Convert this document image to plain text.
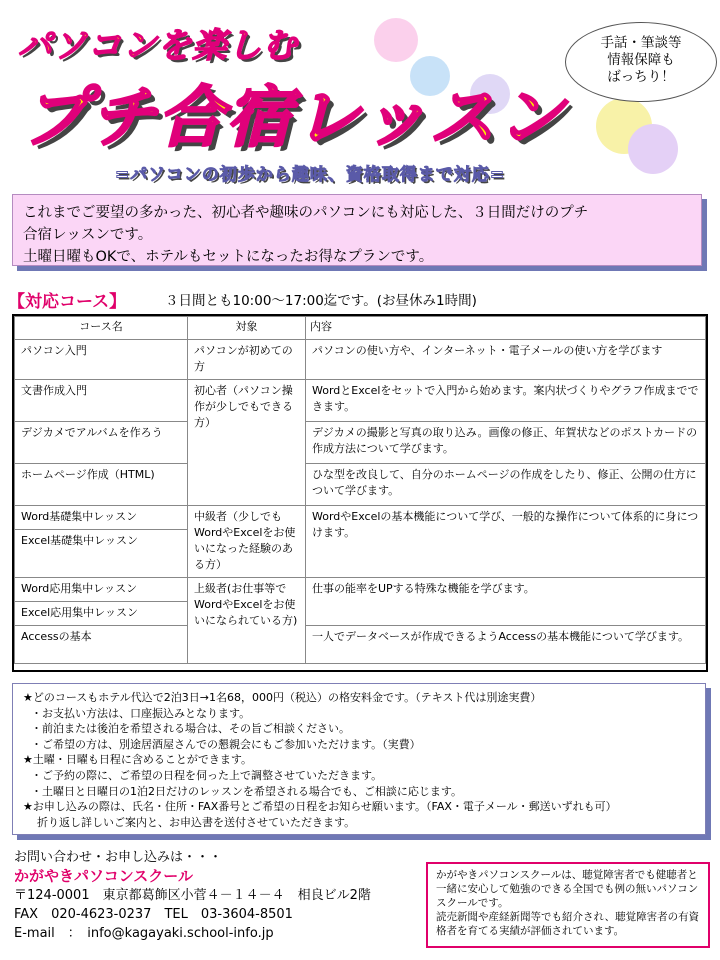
パソコンを楽しむ
プチ合宿レッスン
=パソコンの初歩から趣味、資格取得まで対応=
手話・筆談等
情報保障も
ばっちり！
これまでご要望の多かった、初心者や趣味のパソコンにも対応した、３日間だけのプチ
合宿レッスンです。
土曜日曜もOKで、ホテルもセットになったお得なプランです。
【対応コース】	３日間とも10:00～17:00迄です。(お昼休み1時間)
コース名	対象	内容
パソコン入門	パソコンが初めての方	パソコンの使い方や、インターネット・電子メールの使い方を学びます
文書作成入門	初心者（パソコン操作が少しでもできる方）	WordとExcelをセットで入門から始めます。案内状づくりやグラフ作成までできます。
デジカメでアルバムを作ろう		デジカメの撮影と写真の取り込み。画像の修正、年賀状などのポストカードの作成方法について学びます。
ホームページ作成（HTML)		ひな型を改良して、自分のホームページの作成をしたり、修正、公開の仕方について学びます。
Word基礎集中レッスン	中級者（少しでもWordやExcelをお使いになった経験のある方）	WordやExcelの基本機能について学び、一般的な操作について体系的に身につけます。
Excel基礎集中レッスン		
Word応用集中レッスン	上級者(お仕事等でWordやExcelをお使いになられている方)	仕事の能率をUPする特殊な機能を学びます。
Excel応用集中レッスン		
Accessの基本		一人でデータベースが作成できるようAccessの基本機能について学びます。
★どのコースもホテル代込で2泊3日→1名68，000円（税込）の格安料金です。（テキスト代は別途実費）
・お支払い方法は、口座振込みとなります。
・前泊または後泊を希望される場合は、その旨ご相談ください。
・ご希望の方は、別途居酒屋さんでの懇親会にもご参加いただけます。（実費）
★土曜・日曜も日程に含めることができます。
・ご予約の際に、ご希望の日程を伺った上で調整させていただきます。
・土曜日と日曜日の1泊2日だけのレッスンを希望される場合でも、ご相談に応じます。
★お申し込みの際は、氏名・住所・FAX番号とご希望の日程をお知らせ願います。（FAX・電子メール・郵送いずれも可）
折り返し詳しいご案内と、お申込書を送付させていただきます。
お問い合わせ・お申し込みは・・・
かがやきパソコンスクール
〒124-0001　東京都葛飾区小菅４－１４－４　相良ビル2階
FAX　020-4623-0237　TEL　03-3604-8501
E-mail　：　info@kagayaki.school-info.jp
かがやきパソコンスクールは、聴覚障害者でも健聴者と一緒に安心して勉強のできる全国でも例の無いパソコンスクールです。
読売新聞や産経新聞等でも紹介され、聴覚障害者の有資格者を育てる実績が評価されています。
